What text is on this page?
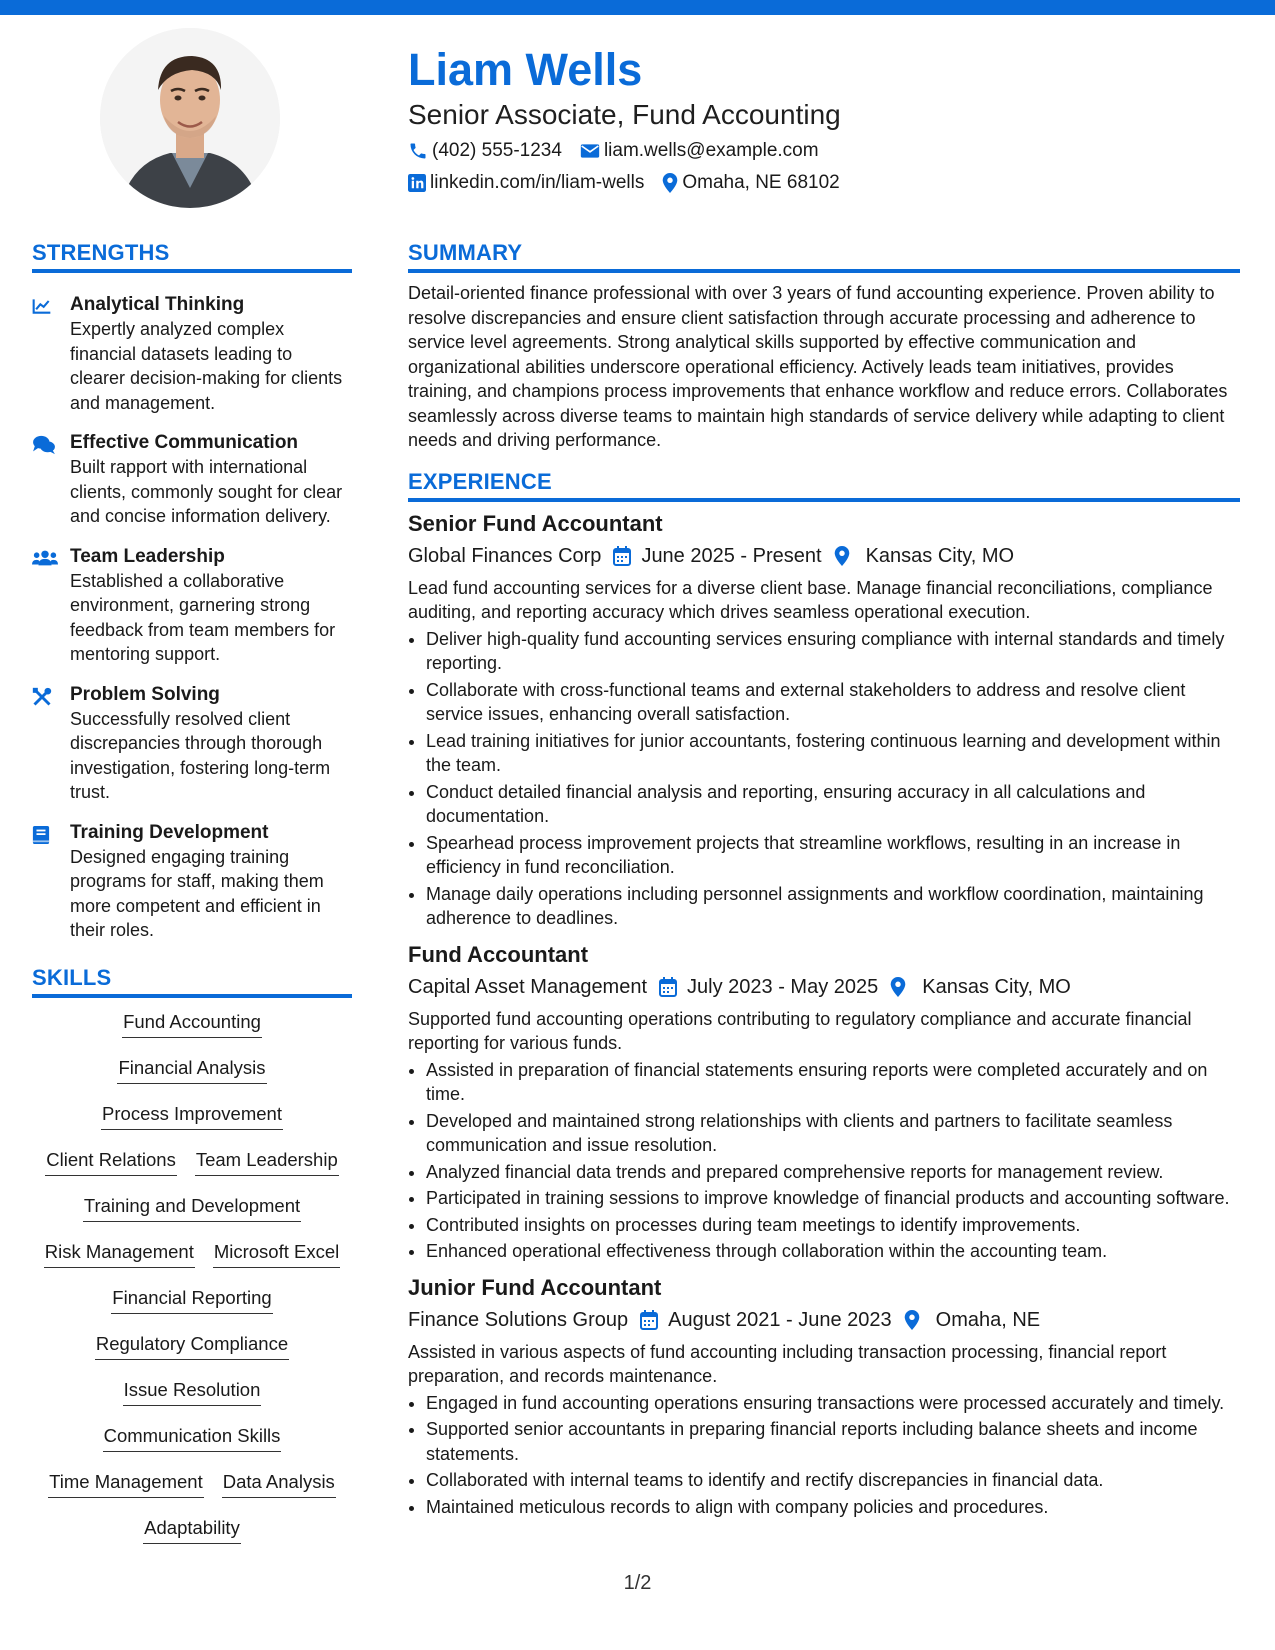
Liam Wells
Senior Associate, Fund Accounting
(402) 555-1234 liam.wells@example.com
linkedin.com/in/liam-wells Omaha, NE 68102
STRENGTHS
Analytical Thinking
Expertly analyzed complex financial datasets leading to clearer decision-making for clients and management.
Effective Communication
Built rapport with international clients, commonly sought for clear and concise information delivery.
Team Leadership
Established a collaborative environment, garnering strong feedback from team members for mentoring support.
Problem Solving
Successfully resolved client discrepancies through thorough investigation, fostering long-term trust.
Training Development
Designed engaging training programs for staff, making them more competent and efficient in their roles.
SKILLS
Fund Accounting
Financial Analysis
Process Improvement
Client Relations Team Leadership
Training and Development
Risk Management Microsoft Excel
Financial Reporting
Regulatory Compliance
Issue Resolution
Communication Skills
Time Management Data Analysis
Adaptability
SUMMARY

Detail-oriented finance professional with over 3 years of fund accounting experience. Proven ability to resolve discrepancies and ensure client satisfaction through accurate processing and adherence to service level agreements. Strong analytical skills supported by effective communication and organizational abilities underscore operational efficiency. Actively leads team initiatives, provides training, and champions process improvements that enhance workflow and reduce errors. Collaborates seamlessly across diverse teams to maintain high standards of service delivery while adapting to client needs and driving performance.

EXPERIENCE
Senior Fund Accountant
Global Finances Corp June 2025 - Present Kansas City, MO

Lead fund accounting services for a diverse client base. Manage financial reconciliations, compliance auditing, and reporting accuracy which drives seamless operational execution.

• Deliver high-quality fund accounting services ensuring compliance with internal standards and timely reporting.
• Collaborate with cross-functional teams and external stakeholders to address and resolve client service issues, enhancing overall satisfaction.
• Lead training initiatives for junior accountants, fostering continuous learning and development within the team.
• Conduct detailed financial analysis and reporting, ensuring accuracy in all calculations and documentation.
• Spearhead process improvement projects that streamline workflows, resulting in an increase in efficiency in fund reconciliation.
• Manage daily operations including personnel assignments and workflow coordination, maintaining adherence to deadlines.
Fund Accountant
Capital Asset Management July 2023 - May 2025 Kansas City, MO

Supported fund accounting operations contributing to regulatory compliance and accurate financial reporting for various funds.

• Assisted in preparation of financial statements ensuring reports were completed accurately and on time.
• Developed and maintained strong relationships with clients and partners to facilitate seamless communication and issue resolution.
• Analyzed financial data trends and prepared comprehensive reports for management review.
• Participated in training sessions to improve knowledge of financial products and accounting software.
• Contributed insights on processes during team meetings to identify improvements.
• Enhanced operational effectiveness through collaboration within the accounting team.
Junior Fund Accountant
Finance Solutions Group August 2021 - June 2023 Omaha, NE

Assisted in various aspects of fund accounting including transaction processing, financial report preparation, and records maintenance.

• Engaged in fund accounting operations ensuring transactions were processed accurately and timely.
• Supported senior accountants in preparing financial reports including balance sheets and income statements.
• Collaborated with internal teams to identify and rectify discrepancies in financial data.
• Maintained meticulous records to align with company policies and procedures.
1/2
